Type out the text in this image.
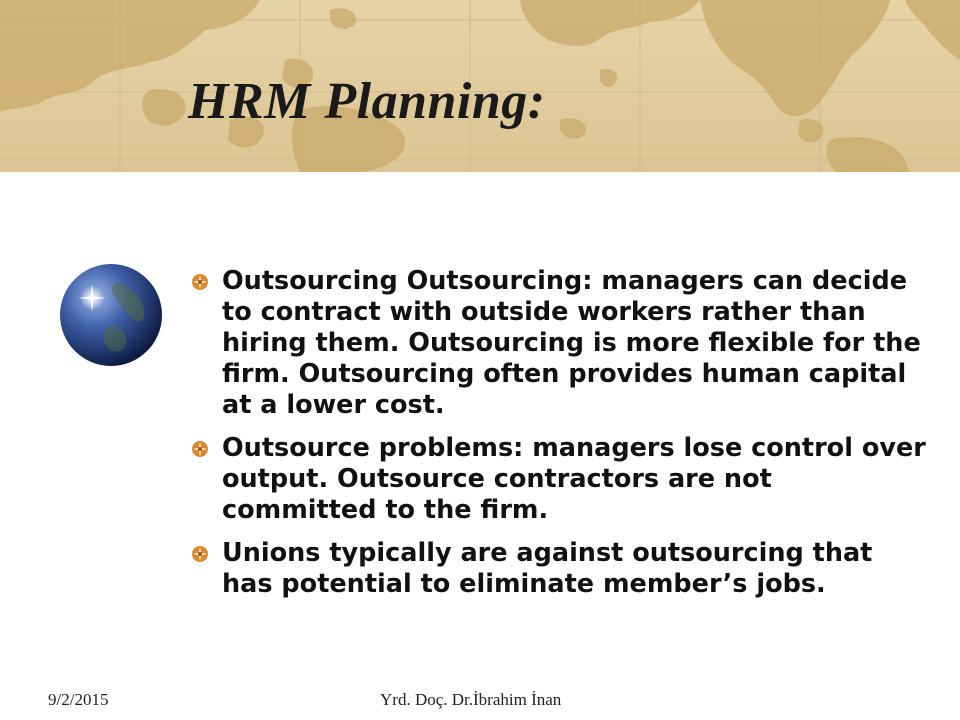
HRM Planning:
Outsourcing Outsourcing: managers can decide to contract with outside workers rather than hiring them. Outsourcing is more flexible for the firm. Outsourcing often provides human capital at a lower cost.
Outsource problems: managers lose control over output. Outsource contractors are not committed to the firm.
Unions typically are against outsourcing that has potential to eliminate member’s jobs.
9/2/2015	Yrd. Doç. Dr.İbrahim İnan
